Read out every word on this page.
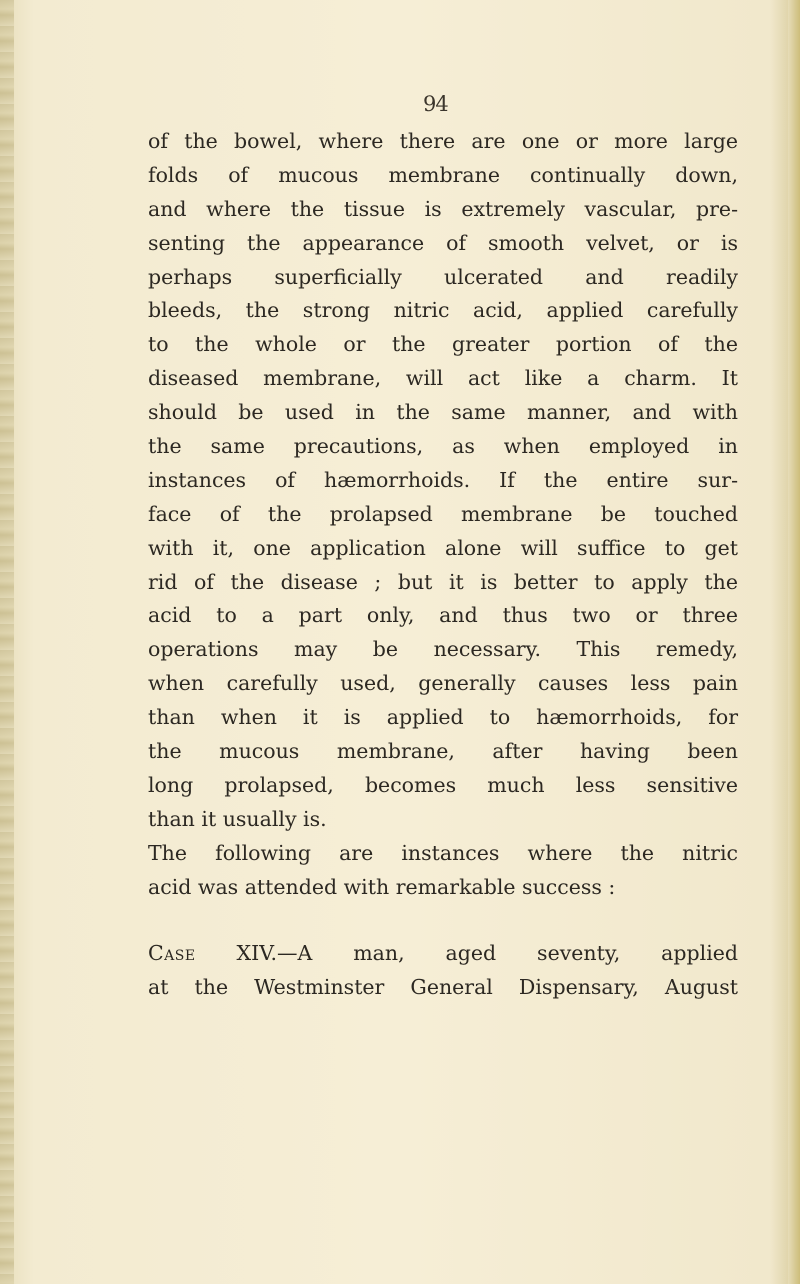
94
of the bowel, where there are one or more large
folds of mucous membrane continually down,
and where the tissue is extremely vascular, pre-
senting the appearance of smooth velvet, or is
perhaps superficially ulcerated and readily
bleeds, the strong nitric acid, applied carefully
to the whole or the greater portion of the
diseased membrane, will act like a charm. It
should be used in the same manner, and with
the same precautions, as when employed in
instances of hæmorrhoids. If the entire sur-
face of the prolapsed membrane be touched
with it, one application alone will suffice to get
rid of the disease ; but it is better to apply the
acid to a part only, and thus two or three
operations may be necessary. This remedy,
when carefully used, generally causes less pain
than when it is applied to hæmorrhoids, for
the mucous membrane, after having been
long prolapsed, becomes much less sensitive
than it usually is.
The following are instances where the nitric
acid was attended with remarkable success :
Case XIV.—A man, aged seventy, applied
at the Westminster General Dispensary, August
